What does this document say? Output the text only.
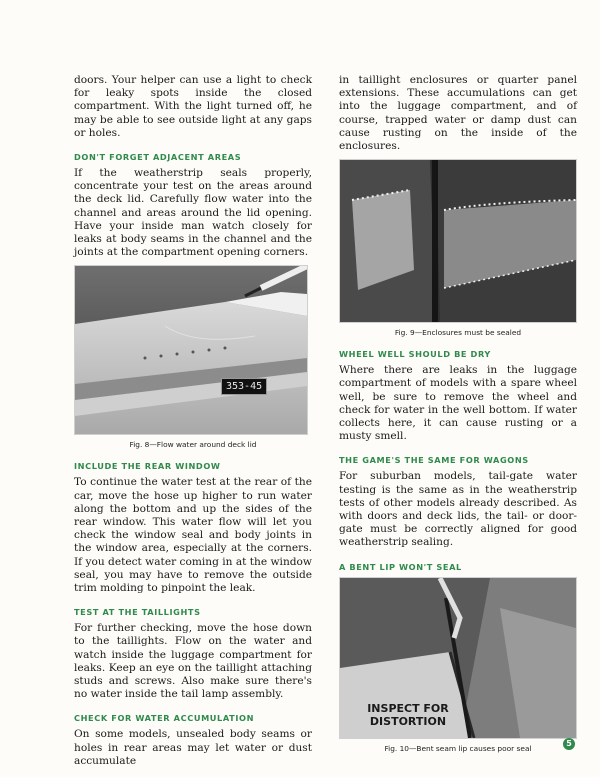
doors. Your helper can use a light to check for leaky spots inside the closed compartment. With the light turned off, he may be able to see outside light at any gaps or holes.

DON'T FORGET ADJACENT AREAS

If the weatherstrip seals properly, concentrate your test on the areas around the deck lid. Carefully flow water into the channel and areas around the lid opening. Have your inside man watch closely for leaks at body seams in the channel and the joints at the compartment opening corners.

353-45
Fig. 8—Flow water around deck lid
INCLUDE THE REAR WINDOW

To continue the water test at the rear of the car, move the hose up higher to run water along the bottom and up the sides of the rear window. This water flow will let you check the window seal and body joints in the window area, especially at the corners. If you detect water coming in at the window seal, you may have to remove the outside trim molding to pinpoint the leak.

TEST AT THE TAILLIGHTS

For further checking, move the hose down to the taillights. Flow on the water and watch inside the luggage compartment for leaks. Keep an eye on the taillight attaching studs and screws. Also make sure there's no water inside the tail lamp assembly.

CHECK FOR WATER ACCUMULATION

On some models, unsealed body seams or holes in rear areas may let water or dust accumulate

in taillight enclosures or quarter panel extensions. These accumulations can get into the luggage compartment, and of course, trapped water or damp dust can cause rusting on the inside of the enclosures.

Fig. 9—Enclosures must be sealed
WHEEL WELL SHOULD BE DRY

Where there are leaks in the luggage compartment of models with a spare wheel well, be sure to remove the wheel and check for water in the well bottom. If water collects here, it can cause rusting or a musty smell.

THE GAME'S THE SAME FOR WAGONS

For suburban models, tail-gate water testing is the same as in the weatherstrip tests of other models already described. As with doors and deck lids, the tail- or door-gate must be correctly aligned for good weatherstrip sealing.

A BENT LIP WON'T SEAL
INSPECT FOR DISTORTION
Fig. 10—Bent seam lip causes poor seal
5
